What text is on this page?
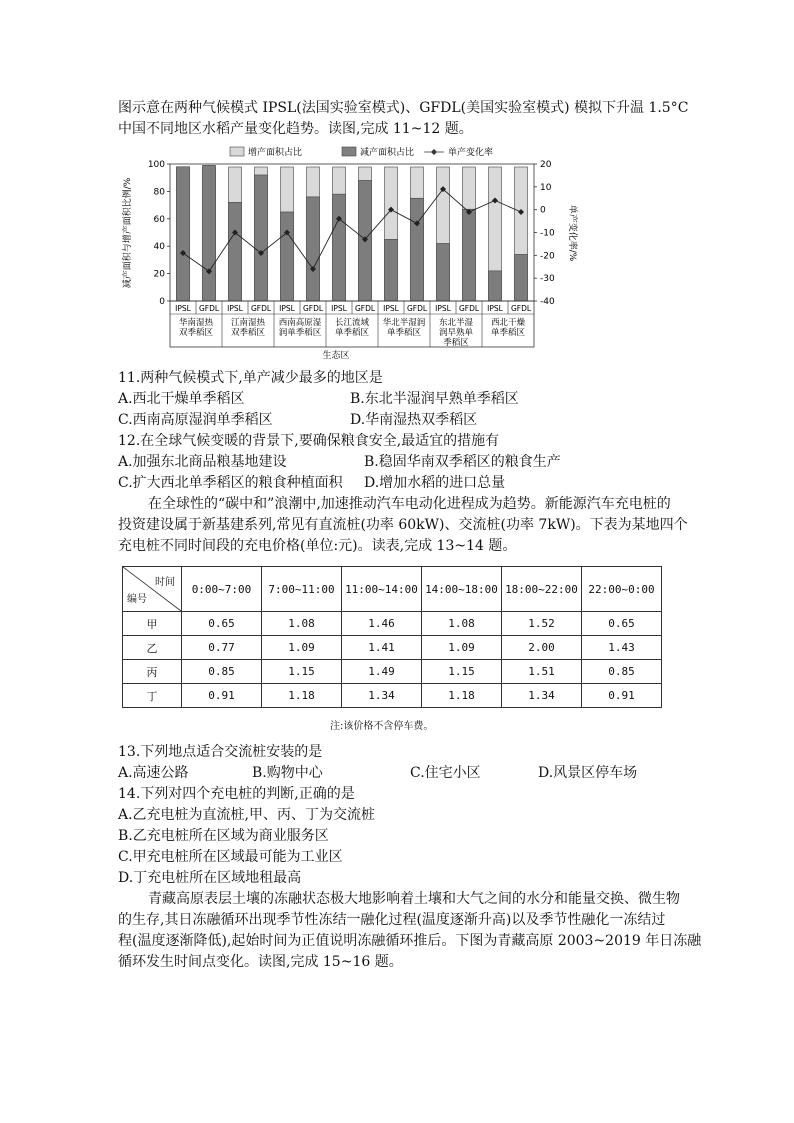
图示意在两种气候模式 IPSL(法国实验室模式)、GFDL(美国实验室模式) 模拟下升温 1.5°C
中国不同地区水稻产量变化趋势。读图,完成 11~12 题。
增产面积占比	减产面积占比	单产变化率
0
20
40
60
80
100
-40
-30
-20
-10
0
10
20
IPSL GFDL IPSL GFDL IPSL GFDL IPSL GFDL IPSL GFDL IPSL GFDL IPSL GFDL
华南湿热
双季稻区
江南湿热
双季稻区
西南高原湿
润单季稻区
长江流域
单季稻区
华北半湿润
单季稻区
东北半湿
润早熟单
季稻区
西北干燥
单季稻区
减产面积与增产面积比例/%	单产变化率/%
生态区
11.两种气候模式下,单产减少最多的地区是
A.西北干燥单季稻区	B.东北半湿润早熟单季稻区
C.西南高原湿润单季稻区	D.华南湿热双季稻区
12.在全球气候变暖的背景下,要确保粮食安全,最适宜的措施有
A.加强东北商品粮基地建设	B.稳固华南双季稻区的粮食生产
C.扩大西北单季稻区的粮食种植面积 D.增加水稻的进口总量
在全球性的“碳中和”浪潮中,加速推动汽车电动化进程成为趋势。新能源汽车充电桩的
投资建设属于新基建系列,常见有直流桩(功率 60kW)、交流桩(功率 7kW)。下表为某地四个
充电桩不同时间段的充电价格(单位:元)。读表,完成 13~14 题。
时间
编号	0:00~7:00	7:00~11:00	11:00~14:00	14:00~18:00	18:00~22:00	22:00~0:00
甲	0.65	1.08	1.46	1.08	1.52	0.65
乙	0.77	1.09	1.41	1.09	2.00	1.43
丙	0.85	1.15	1.49	1.15	1.51	0.85
丁	0.91	1.18	1.34	1.18	1.34	0.91
注:该价格不含停车费。
13.下列地点适合交流桩安装的是
A.高速公路	B.购物中心	C.住宅小区	D.风景区停车场
14.下列对四个充电桩的判断,正确的是
A.乙充电桩为直流桩,甲、丙、丁为交流桩
B.乙充电桩所在区域为商业服务区
C.甲充电桩所在区域最可能为工业区
D.丁充电桩所在区域地租最高
青藏高原表层土壤的冻融状态极大地影响着土壤和大气之间的水分和能量交换、微生物
的生存,其日冻融循环出现季节性冻结一融化过程(温度逐渐升高)以及季节性融化一冻结过
程(温度逐渐降低),起始时间为正值说明冻融循环推后。下图为青藏高原 2003~2019 年日冻融
循环发生时间点变化。读图,完成 15~16 题。
